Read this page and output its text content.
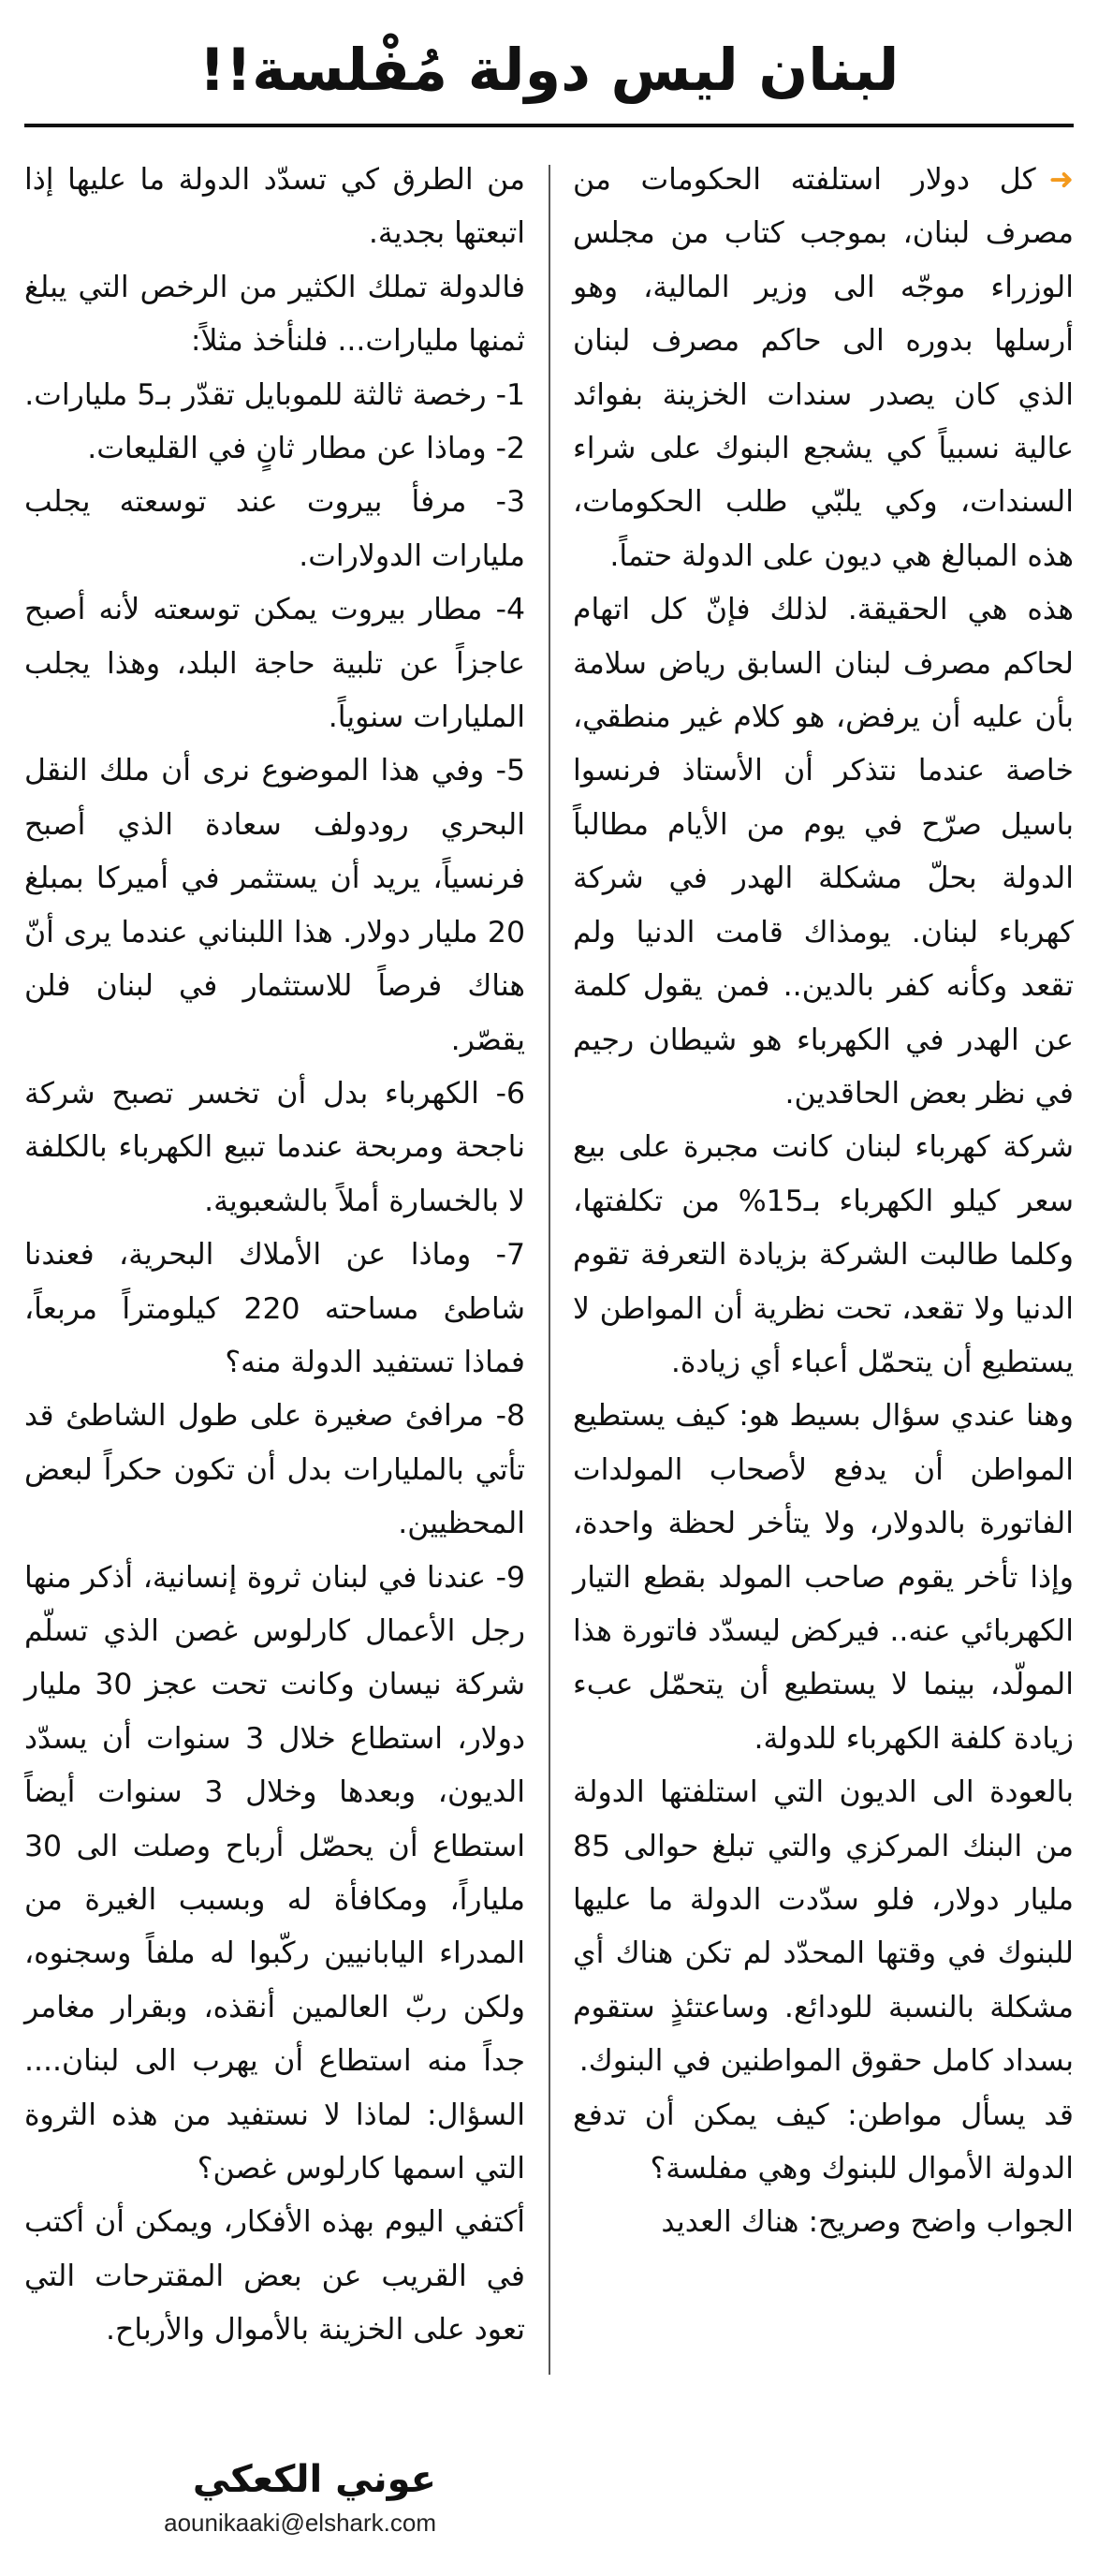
لبنان ليس دولة مُفْلسة!!

➜كل دولار استلفته الحكومات من مصرف لبنان، بموجب كتاب من مجلس الوزراء موجّه الى وزير المالية، وهو أرسلها بدوره الى حاكم مصرف لبنان الذي كان يصدر سندات الخزينة بفوائد عالية نسبياً كي يشجع البنوك على شراء السندات، وكي يلبّي طلب الحكومات، هذه المبالغ هي ديون على الدولة حتماً.

هذه هي الحقيقة. لذلك فإنّ كل اتهام لحاكم مصرف لبنان السابق رياض سلامة بأن عليه أن يرفض، هو كلام غير منطقي، خاصة عندما نتذكر أن الأستاذ فرنسوا باسيل صرّح في يوم من الأيام مطالباً الدولة بحلّ مشكلة الهدر في شركة كهرباء لبنان. يومذاك قامت الدنيا ولم تقعد وكأنه كفر بالدين.. فمن يقول كلمة عن الهدر في الكهرباء هو شيطان رجيم في نظر بعض الحاقدين.

شركة كهرباء لبنان كانت مجبرة على بيع سعر كيلو الكهرباء بـ15% من تكلفتها، وكلما طالبت الشركة بزيادة التعرفة تقوم الدنيا ولا تقعد، تحت نظرية أن المواطن لا يستطيع أن يتحمّل أعباء أي زيادة.

وهنا عندي سؤال بسيط هو: كيف يستطيع المواطن أن يدفع لأصحاب المولدات الفاتورة بالدولار، ولا يتأخر لحظة واحدة، وإذا تأخر يقوم صاحب المولد بقطع التيار الكهربائي عنه.. فيركض ليسدّد فاتورة هذا المولّد، بينما لا يستطيع أن يتحمّل عبء زيادة كلفة الكهرباء للدولة.

بالعودة الى الديون التي استلفتها الدولة من البنك المركزي والتي تبلغ حوالى 85 مليار دولار، فلو سدّدت الدولة ما عليها للبنوك في وقتها المحدّد لم تكن هناك أي مشكلة بالنسبة للودائع. وساعتئذٍ ستقوم بسداد كامل حقوق المواطنين في البنوك.

قد يسأل مواطن: كيف يمكن أن تدفع الدولة الأموال للبنوك وهي مفلسة؟

الجواب واضح وصريح: هناك العديد

من الطرق كي تسدّد الدولة ما عليها إذا اتبعتها بجدية.

فالدولة تملك الكثير من الرخص التي يبلغ ثمنها مليارات... فلنأخذ مثلاً:

1- رخصة ثالثة للموبايل تقدّر بـ5 مليارات.

2- وماذا عن مطار ثانٍ في القليعات.

3- مرفأ بيروت عند توسعته يجلب مليارات الدولارات.

4- مطار بيروت يمكن توسعته لأنه أصبح عاجزاً عن تلبية حاجة البلد، وهذا يجلب المليارات سنوياً.

5- وفي هذا الموضوع نرى أن ملك النقل البحري رودولف سعادة الذي أصبح فرنسياً، يريد أن يستثمر في أميركا بمبلغ 20 مليار دولار. هذا اللبناني عندما يرى أنّ هناك فرصاً للاستثمار في لبنان فلن يقصّر.

6- الكهرباء بدل أن تخسر تصبح شركة ناجحة ومربحة عندما تبيع الكهرباء بالكلفة لا بالخسارة أملاً بالشعبوية.

7- وماذا عن الأملاك البحرية، فعندنا شاطئ مساحته 220 كيلومتراً مربعاً، فماذا تستفيد الدولة منه؟

8- مرافئ صغيرة على طول الشاطئ قد تأتي بالمليارات بدل أن تكون حكراً لبعض المحظيين.

9- عندنا في لبنان ثروة إنسانية، أذكر منها رجل الأعمال كارلوس غصن الذي تسلّم شركة نيسان وكانت تحت عجز 30 مليار دولار، استطاع خلال 3 سنوات أن يسدّد الديون، وبعدها وخلال 3 سنوات أيضاً استطاع أن يحصّل أرباح وصلت الى 30 ملياراً، ومكافأة له وبسبب الغيرة من المدراء اليابانيين ركّبوا له ملفاً وسجنوه، ولكن ربّ العالمين أنقذه، وبقرار مغامر جداً منه استطاع أن يهرب الى لبنان.... السؤال: لماذا لا نستفيد من هذه الثروة التي اسمها كارلوس غصن؟

أكتفي اليوم بهذه الأفكار، ويمكن أن أكتب في القريب عن بعض المقترحات التي تعود على الخزينة بالأموال والأرباح.

عوني الكعكي
aounikaaki@elshark.com
